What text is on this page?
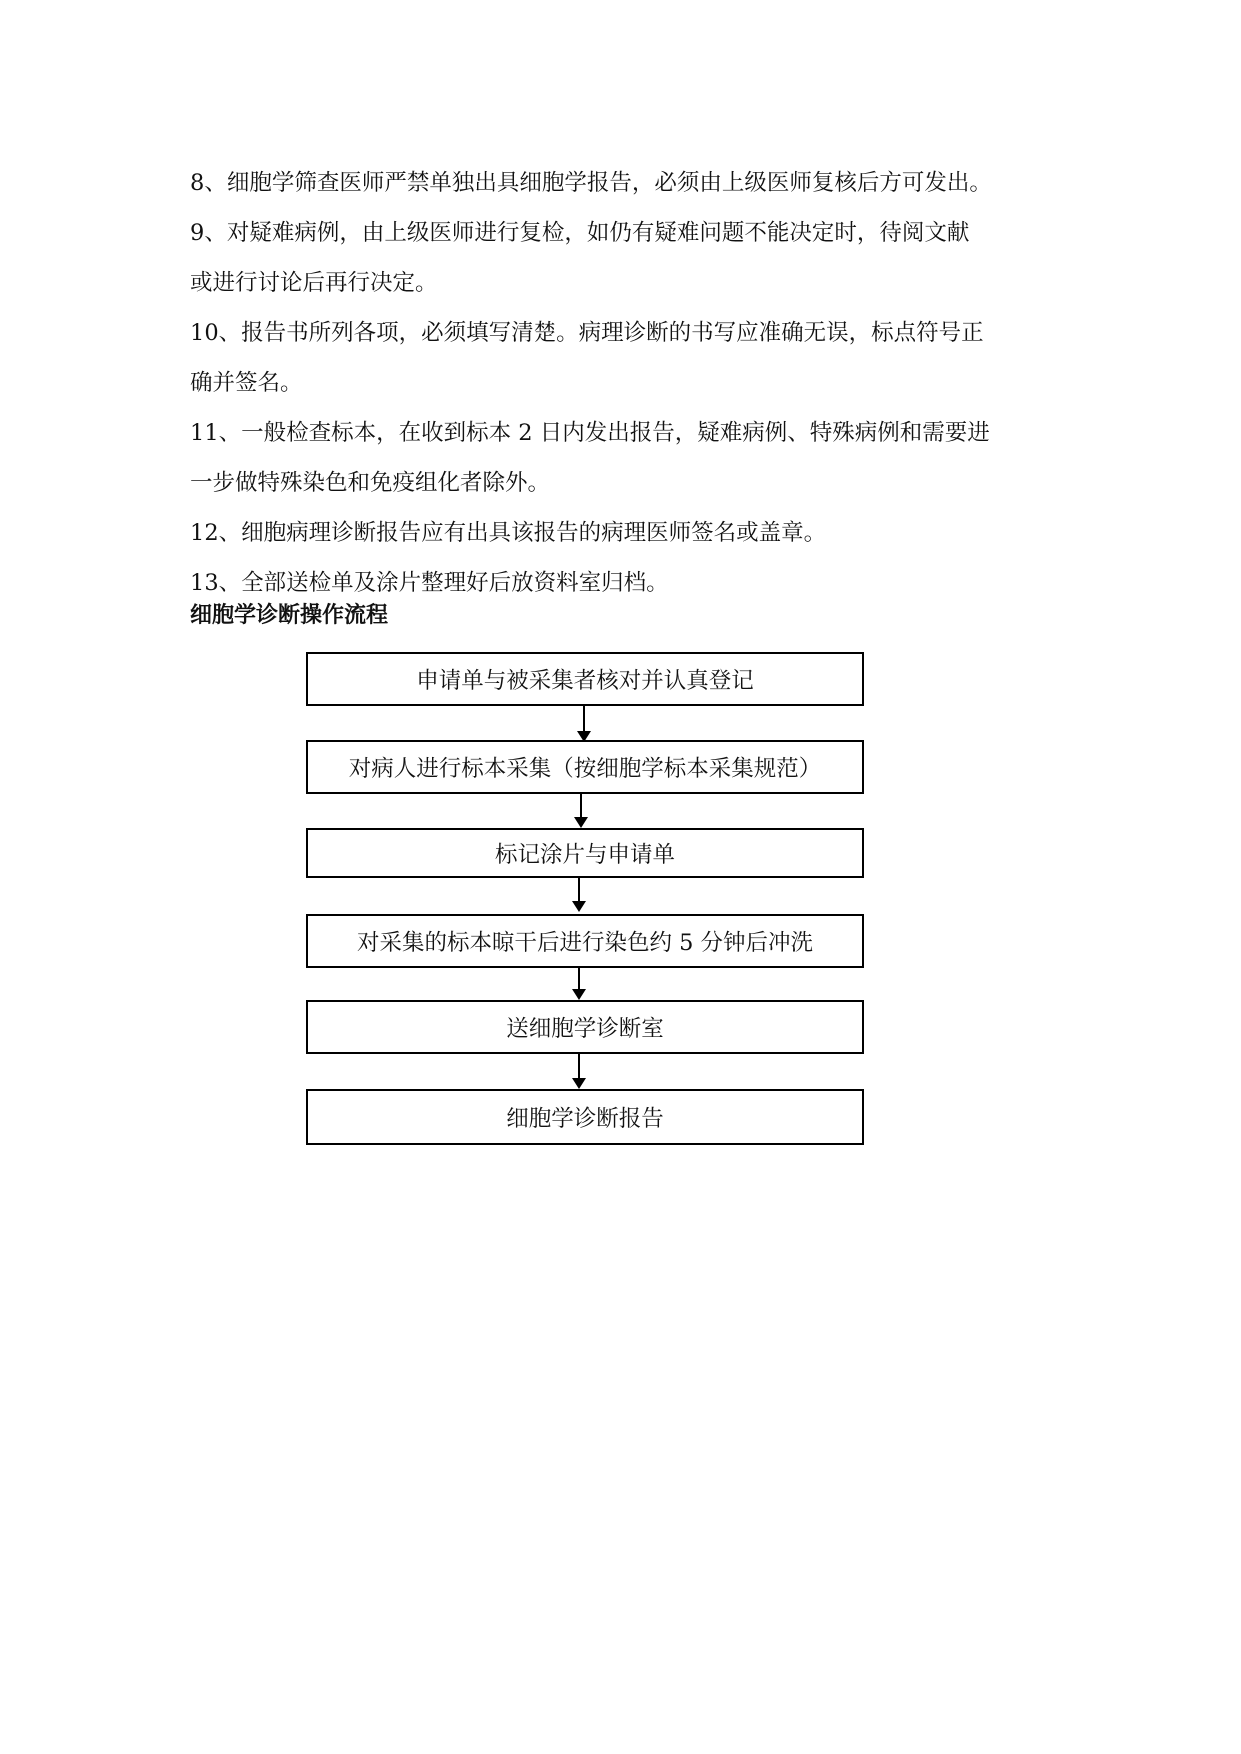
8、细胞学筛查医师严禁单独出具细胞学报告，必须由上级医师复核后方可发出。
9、对疑难病例，由上级医师进行复检，如仍有疑难问题不能决定时，待阅文献
或进行讨论后再行决定。
10、报告书所列各项，必须填写清楚。病理诊断的书写应准确无误，标点符号正
确并签名。
11、一般检查标本，在收到标本 2 日内发出报告，疑难病例、特殊病例和需要进
一步做特殊染色和免疫组化者除外。
12、细胞病理诊断报告应有出具该报告的病理医师签名或盖章。
13、全部送检单及涂片整理好后放资料室归档。
细胞学诊断操作流程
申请单与被采集者核对并认真登记
对病人进行标本采集（按细胞学标本采集规范）
标记涂片与申请单
对采集的标本晾干后进行染色约 5 分钟后冲洗
送细胞学诊断室
细胞学诊断报告
